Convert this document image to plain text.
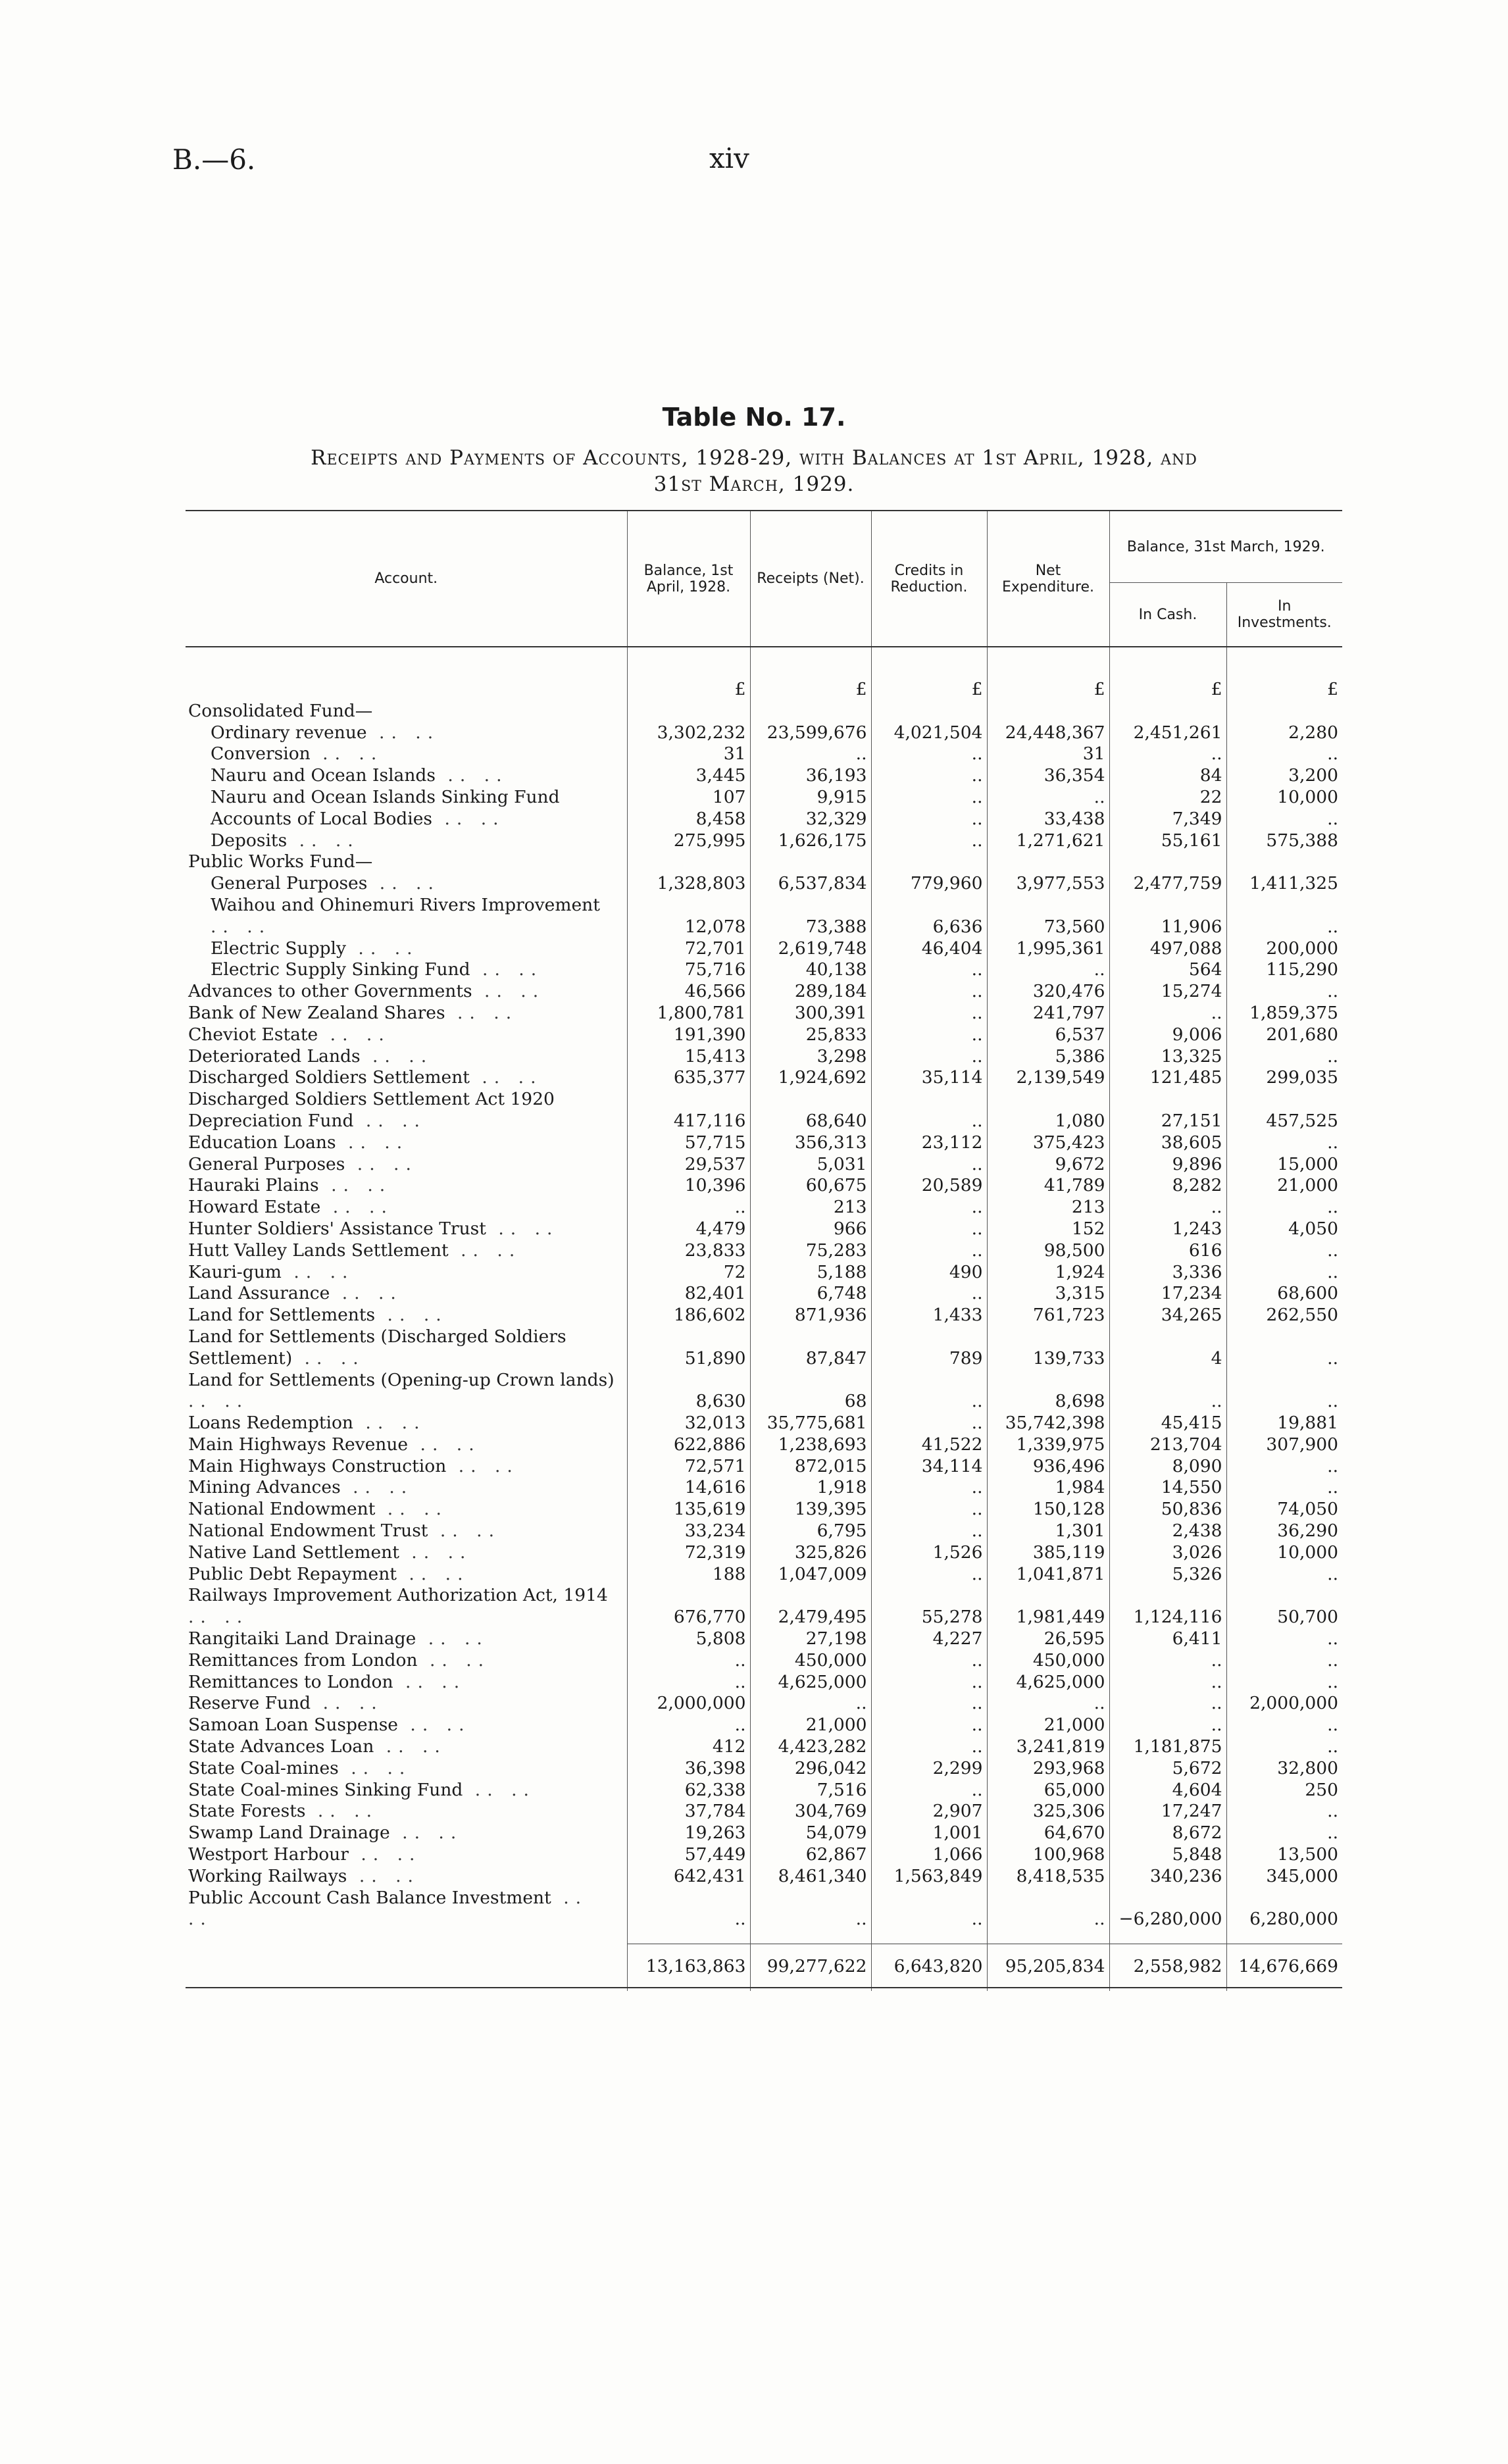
B.—6.	xiv
Table No. 17.
Receipts and Payments of Accounts, 1928-29, with Balances at 1st April, 1928, and
31st March, 1929.
Account.	Balance, 1st April, 1928.	Receipts (Net).	Credits in Reduction.	Net Expenditure.	Balance, 31st March, 1929.	
					In Cash.	In Investments.

	£	£	£	£	£	£

Consolidated Fund—						

Ordinary revenue .. ..	3,302,232	23,599,676	4,021,504	24,448,367	2,451,261	2,280

Conversion .. ..	31	..	..	31	..	..

Nauru and Ocean Islands .. ..	3,445	36,193	..	36,354	84	3,200

Nauru and Ocean Islands Sinking Fund	107	9,915	..	..	22	10,000

Accounts of Local Bodies .. ..	8,458	32,329	..	33,438	7,349	..

Deposits .. ..	275,995	1,626,175	..	1,271,621	55,161	575,388

Public Works Fund—						

General Purposes .. ..	1,328,803	6,537,834	779,960	3,977,553	2,477,759	1,411,325

Waihou and Ohinemuri Rivers Improvement .. ..	12,078	73,388	6,636	73,560	11,906	..

Electric Supply .. ..	72,701	2,619,748	46,404	1,995,361	497,088	200,000

Electric Supply Sinking Fund .. ..	75,716	40,138	..	..	564	115,290

Advances to other Governments .. ..	46,566	289,184	..	320,476	15,274	..

Bank of New Zealand Shares .. ..	1,800,781	300,391	..	241,797	..	1,859,375

Cheviot Estate .. ..	191,390	25,833	..	6,537	9,006	201,680

Deteriorated Lands .. ..	15,413	3,298	..	5,386	13,325	..

Discharged Soldiers Settlement .. ..	635,377	1,924,692	35,114	2,139,549	121,485	299,035

Discharged Soldiers Settlement Act 1920 Depreciation Fund .. ..	417,116	68,640	..	1,080	27,151	457,525

Education Loans .. ..	57,715	356,313	23,112	375,423	38,605	..

General Purposes .. ..	29,537	5,031	..	9,672	9,896	15,000

Hauraki Plains .. ..	10,396	60,675	20,589	41,789	8,282	21,000

Howard Estate .. ..	..	213	..	213	..	..

Hunter Soldiers' Assistance Trust .. ..	4,479	966	..	152	1,243	4,050

Hutt Valley Lands Settlement .. ..	23,833	75,283	..	98,500	616	..

Kauri-gum .. ..	72	5,188	490	1,924	3,336	..

Land Assurance .. ..	82,401	6,748	..	3,315	17,234	68,600

Land for Settlements .. ..	186,602	871,936	1,433	761,723	34,265	262,550

Land for Settlements (Discharged Soldiers Settlement) .. ..	51,890	87,847	789	139,733	4	..

Land for Settlements (Opening-up Crown lands) .. ..	8,630	68	..	8,698	..	..

Loans Redemption .. ..	32,013	35,775,681	..	35,742,398	45,415	19,881

Main Highways Revenue .. ..	622,886	1,238,693	41,522	1,339,975	213,704	307,900

Main Highways Construction .. ..	72,571	872,015	34,114	936,496	8,090	..

Mining Advances .. ..	14,616	1,918	..	1,984	14,550	..

National Endowment .. ..	135,619	139,395	..	150,128	50,836	74,050

National Endowment Trust .. ..	33,234	6,795	..	1,301	2,438	36,290

Native Land Settlement .. ..	72,319	325,826	1,526	385,119	3,026	10,000

Public Debt Repayment .. ..	188	1,047,009	..	1,041,871	5,326	..

Railways Improvement Authorization Act, 1914 .. ..	676,770	2,479,495	55,278	1,981,449	1,124,116	50,700

Rangitaiki Land Drainage .. ..	5,808	27,198	4,227	26,595	6,411	..

Remittances from London .. ..	..	450,000	..	450,000	..	..

Remittances to London .. ..	..	4,625,000	..	4,625,000	..	..

Reserve Fund .. ..	2,000,000	..	..	..	..	2,000,000

Samoan Loan Suspense .. ..	..	21,000	..	21,000	..	..

State Advances Loan .. ..	412	4,423,282	..	3,241,819	1,181,875	..

State Coal-mines .. ..	36,398	296,042	2,299	293,968	5,672	32,800

State Coal-mines Sinking Fund .. ..	62,338	7,516	..	65,000	4,604	250

State Forests .. ..	37,784	304,769	2,907	325,306	17,247	..

Swamp Land Drainage .. ..	19,263	54,079	1,001	64,670	8,672	..

Westport Harbour .. ..	57,449	62,867	1,066	100,968	5,848	13,500

Working Railways .. ..	642,431	8,461,340	1,563,849	8,418,535	340,236	345,000

Public Account Cash Balance Investment .. ..	..	..	..	..	−6,280,000	6,280,000

	13,163,863	99,277,622	6,643,820	95,205,834	2,558,982	14,676,669
